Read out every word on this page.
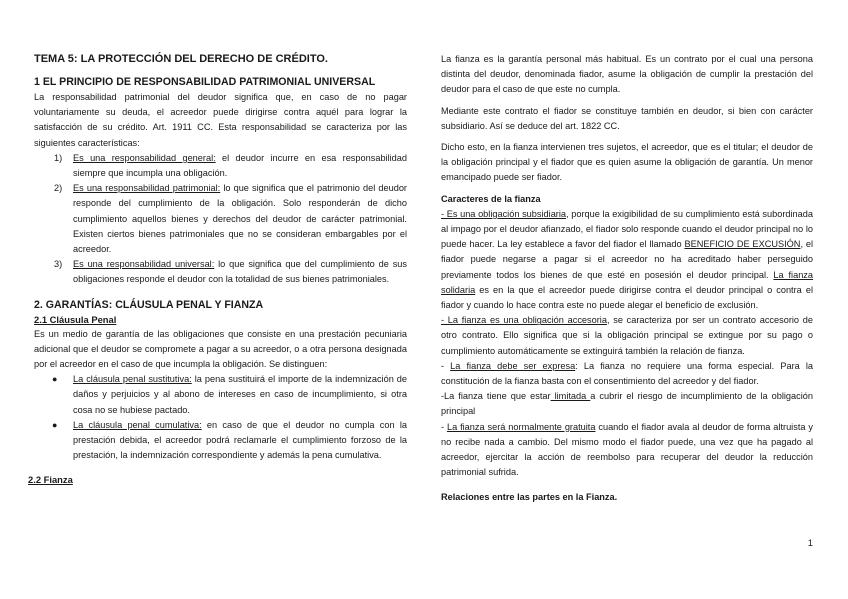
TEMA 5: LA PROTECCIÓN DEL DERECHO DE CRÉDITO.

1 EL PRINCIPIO DE RESPONSABILIDAD PATRIMONIAL UNIVERSAL

La responsabilidad patrimonial del deudor significa que, en caso de no pagar voluntariamente su deuda, el acreedor puede dirigirse contra aquél para lograr la satisfacción de su crédito. Art. 1911 CC. Esta responsabilidad se caracteriza por las siguientes características:

1) Es una responsabilidad general: el deudor incurre en esa responsabilidad siempre que incumpla una obligación.
2) Es una responsabilidad patrimonial: lo que significa que el patrimonio del deudor responde del cumplimiento de la obligación. Solo responderán de dicho cumplimiento aquellos bienes y derechos del deudor de carácter patrimonial. Existen ciertos bienes patrimoniales que no se consideran embargables por el acreedor.
3) Es una responsabilidad universal: lo que significa que del cumplimiento de sus obligaciones responde el deudor con la totalidad de sus bienes patrimoniales.

2. GARANTÍAS: CLÁUSULA PENAL Y FIANZA

2.1 Cláusula Penal

Es un medio de garantía de las obligaciones que consiste en una prestación pecuniaria adicional que el deudor se compromete a pagar a su acreedor, o a otra persona designada por el acreedor en el caso de que incumpla la obligación. Se distinguen:

● La cláusula penal sustitutiva: la pena sustituirá el importe de la indemnización de daños y perjuicios y al abono de intereses en caso de incumplimiento, si otra cosa no se hubiese pactado.
● La cláusula penal cumulativa: en caso de que el deudor no cumpla con la prestación debida, el acreedor podrá reclamarle el cumplimiento forzoso de la prestación, la indemnización correspondiente y además la pena cumulativa.

2.2 Fianza

La fianza es la garantía personal más habitual. Es un contrato por el cual una persona distinta del deudor, denominada fiador, asume la obligación de cumplir la prestación del deudor para el caso de que este no cumpla.

Mediante este contrato el fiador se constituye también en deudor, si bien con carácter subsidiario. Así se deduce del art. 1822 CC.

Dicho esto, en la fianza intervienen tres sujetos, el acreedor, que es el titular; el deudor de la obligación principal y el fiador que es quien asume la obligación de garantía. Un menor emancipado puede ser fiador.

Caracteres de la fianza

- Es una obligación subsidiaria, porque la exigibilidad de su cumplimiento está subordinada al impago por el deudor afianzado, el fiador solo responde cuando el deudor principal no lo puede hacer. La ley establece a favor del fiador el llamado BENEFICIO DE EXCUSIÓN, el fiador puede negarse a pagar si el acreedor no ha acreditado haber perseguido previamente todos los bienes de que esté en posesión el deudor principal. La fianza solidaria es en la que el acreedor puede dirigirse contra el deudor principal o contra el fiador y cuando lo hace contra este no puede alegar el beneficio de exclusión.

- La fianza es una obligación accesoria, se caracteriza por ser un contrato accesorio de otro contrato. Ello significa que si la obligación principal se extingue por su pago o cumplimiento automáticamente se extinguirá también la relación de fianza.

- La fianza debe ser expresa: La fianza no requiere una forma especial. Para la constitución de la fianza basta con el consentimiento del acreedor y del fiador.

-La fianza tiene que estar limitada a cubrir el riesgo de incumplimiento de la obligación principal

- La fianza será normalmente gratuita cuando el fiador avala al deudor de forma altruista y no recibe nada a cambio. Del mismo modo el fiador puede, una vez que ha pagado al acreedor, ejercitar la acción de reembolso para recuperar del deudor la reducción patrimonial sufrida.

Relaciones entre las partes en la Fianza.

1
